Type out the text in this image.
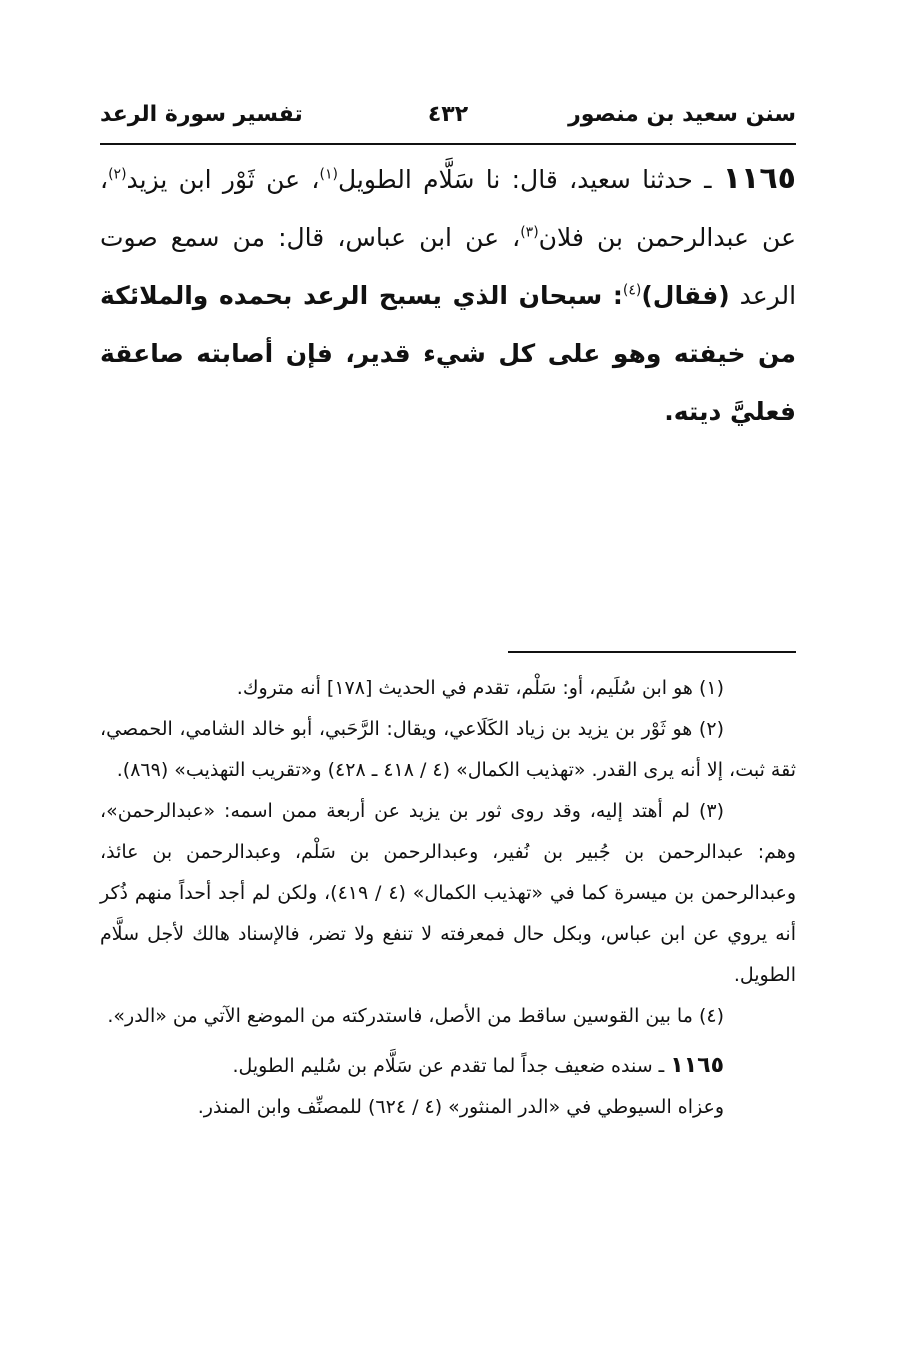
سنن سعيد بن منصور
٤٣٢
تفسير سورة الرعد
١١٦٥ ـ حدثنا سعيد، قال: نا سَلَّام الطويل$^{(١)}$، عن ثَوْر ابن يزيد$^{(٢)}$، عن عبدالرحمن بن فلان$^{(٣)}$، عن ابن عباس، قال: من سمع صوت الرعد (فقال)$^{(٤)}$: سبحان الذي يسبح الرعد بحمده والملائكة من خيفته وهو على كل شيء قدير، فإن أصابته صاعقة فعليَّ ديته.

(١) هو ابن سُلَيم، أو: سَلْم، تقدم في الحديث [١٧٨] أنه متروك.

(٢) هو ثَوْر بن يزيد بن زياد الكَلَاعي، ويقال: الرَّحَبي، أبو خالد الشامي، الحمصي، ثقة ثبت، إلا أنه يرى القدر. «تهذيب الكمال» (٤ / ٤١٨ ـ ٤٢٨) و«تقريب التهذيب» (٨٦٩).

(٣) لم أهتد إليه، وقد روى ثور بن يزيد عن أربعة ممن اسمه: «عبدالرحمن»، وهم: عبدالرحمن بن جُبير بن نُفير، وعبدالرحمن بن سَلْم، وعبدالرحمن بن عائذ، وعبدالرحمن بن ميسرة كما في «تهذيب الكمال» (٤ / ٤١٩)، ولكن لم أجد أحداً منهم ذُكر أنه يروي عن ابن عباس، وبكل حال فمعرفته لا تنفع ولا تضر، فالإسناد هالك لأجل سلَّام الطويل.

(٤) ما بين القوسين ساقط من الأصل، فاستدركته من الموضع الآتي من «الدر».

١١٦٥ ـ سنده ضعيف جداً لما تقدم عن سَلَّام بن سُليم الطويل.

وعزاه السيوطي في «الدر المنثور» (٤ / ٦٢٤) للمصنِّف وابن المنذر.
